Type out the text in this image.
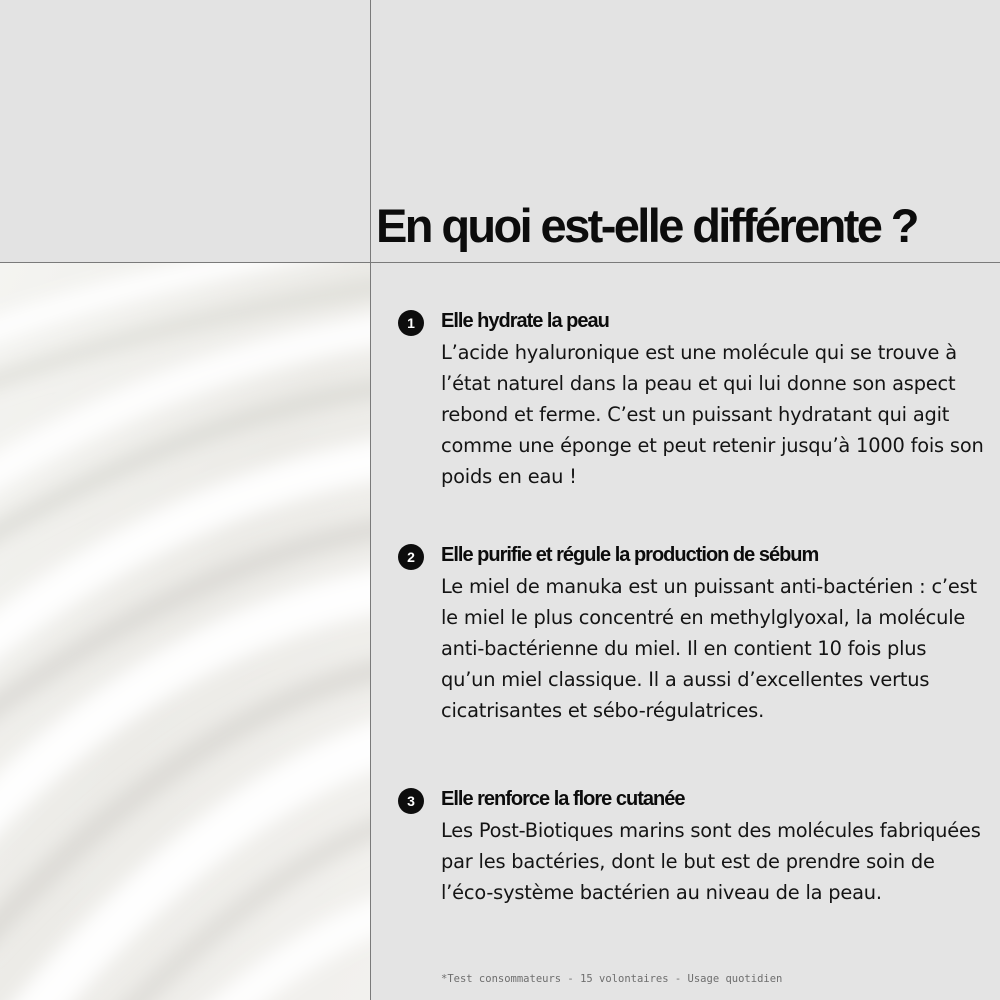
En quoi est-elle différente ?
1	Elle hydrate la peau

L’acide hyaluronique est une molécule qui se trouve à l’état naturel dans la peau et qui lui donne son aspect rebond et ferme. C’est un puissant hydratant qui agit comme une éponge et peut retenir jusqu’à 1000 fois son poids en eau !

2	Elle purifie et régule la production de sébum

Le miel de manuka est un puissant anti-bactérien : c’est le miel le plus concentré en methylglyoxal, la molécule anti-bactérienne du miel. Il en contient 10 fois plus qu’un miel classique. Il a aussi d’excellentes vertus cicatrisantes et sébo-régulatrices.

3	Elle renforce la flore cutanée

Les Post-Biotiques marins sont des molécules fabriquées par les bactéries, dont le but est de prendre soin de l’éco-système bactérien au niveau de la peau.

*Test consommateurs - 15 volontaires - Usage quotidien
